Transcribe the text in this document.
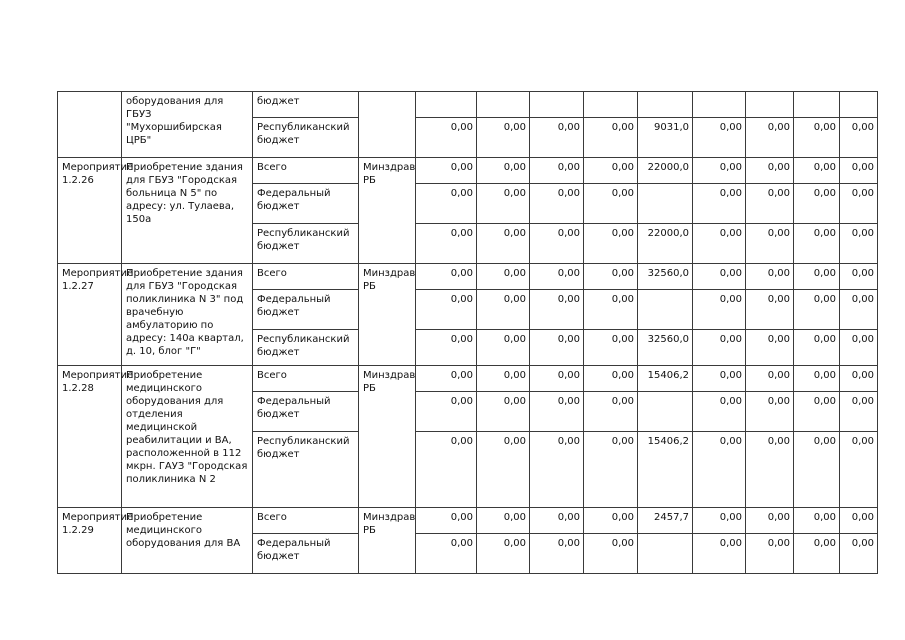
	оборудования для ГБУЗ "Мухоршибирская ЦРБ"	бюджет										
		Республиканский бюджет		0,00	0,00	0,00	0,00	9031,0	0,00	0,00	0,00	0,00
Мероприятие 1.2.26	Приобретение здания для ГБУЗ "Городская больница N 5" по адресу: ул. Тулаева, 150а	Всего	Минздрав РБ	0,00	0,00	0,00	0,00	22000,0	0,00	0,00	0,00	0,00
		Федеральный бюджет		0,00	0,00	0,00	0,00		0,00	0,00	0,00	0,00
		Республиканский бюджет		0,00	0,00	0,00	0,00	22000,0	0,00	0,00	0,00	0,00
Мероприятие 1.2.27	Приобретение здания для ГБУЗ "Городская поликлиника N 3" под врачебную амбулаторию по адресу: 140а квартал, д. 10, блог "Г"	Всего	Минздрав РБ	0,00	0,00	0,00	0,00	32560,0	0,00	0,00	0,00	0,00
		Федеральный бюджет		0,00	0,00	0,00	0,00		0,00	0,00	0,00	0,00
		Республиканский бюджет		0,00	0,00	0,00	0,00	32560,0	0,00	0,00	0,00	0,00
Мероприятие 1.2.28	Приобретение медицинского оборудования для отделения медицинской реабилитации и ВА, расположенной в 112 мкрн. ГАУЗ "Городская поликлиника N 2	Всего	Минздрав РБ	0,00	0,00	0,00	0,00	15406,2	0,00	0,00	0,00	0,00
		Федеральный бюджет		0,00	0,00	0,00	0,00		0,00	0,00	0,00	0,00
		Республиканский бюджет		0,00	0,00	0,00	0,00	15406,2	0,00	0,00	0,00	0,00
Мероприятие 1.2.29	Приобретение медицинского оборудования для ВА	Всего	Минздрав РБ	0,00	0,00	0,00	0,00	2457,7	0,00	0,00	0,00	0,00
		Федеральный бюджет		0,00	0,00	0,00	0,00		0,00	0,00	0,00	0,00
